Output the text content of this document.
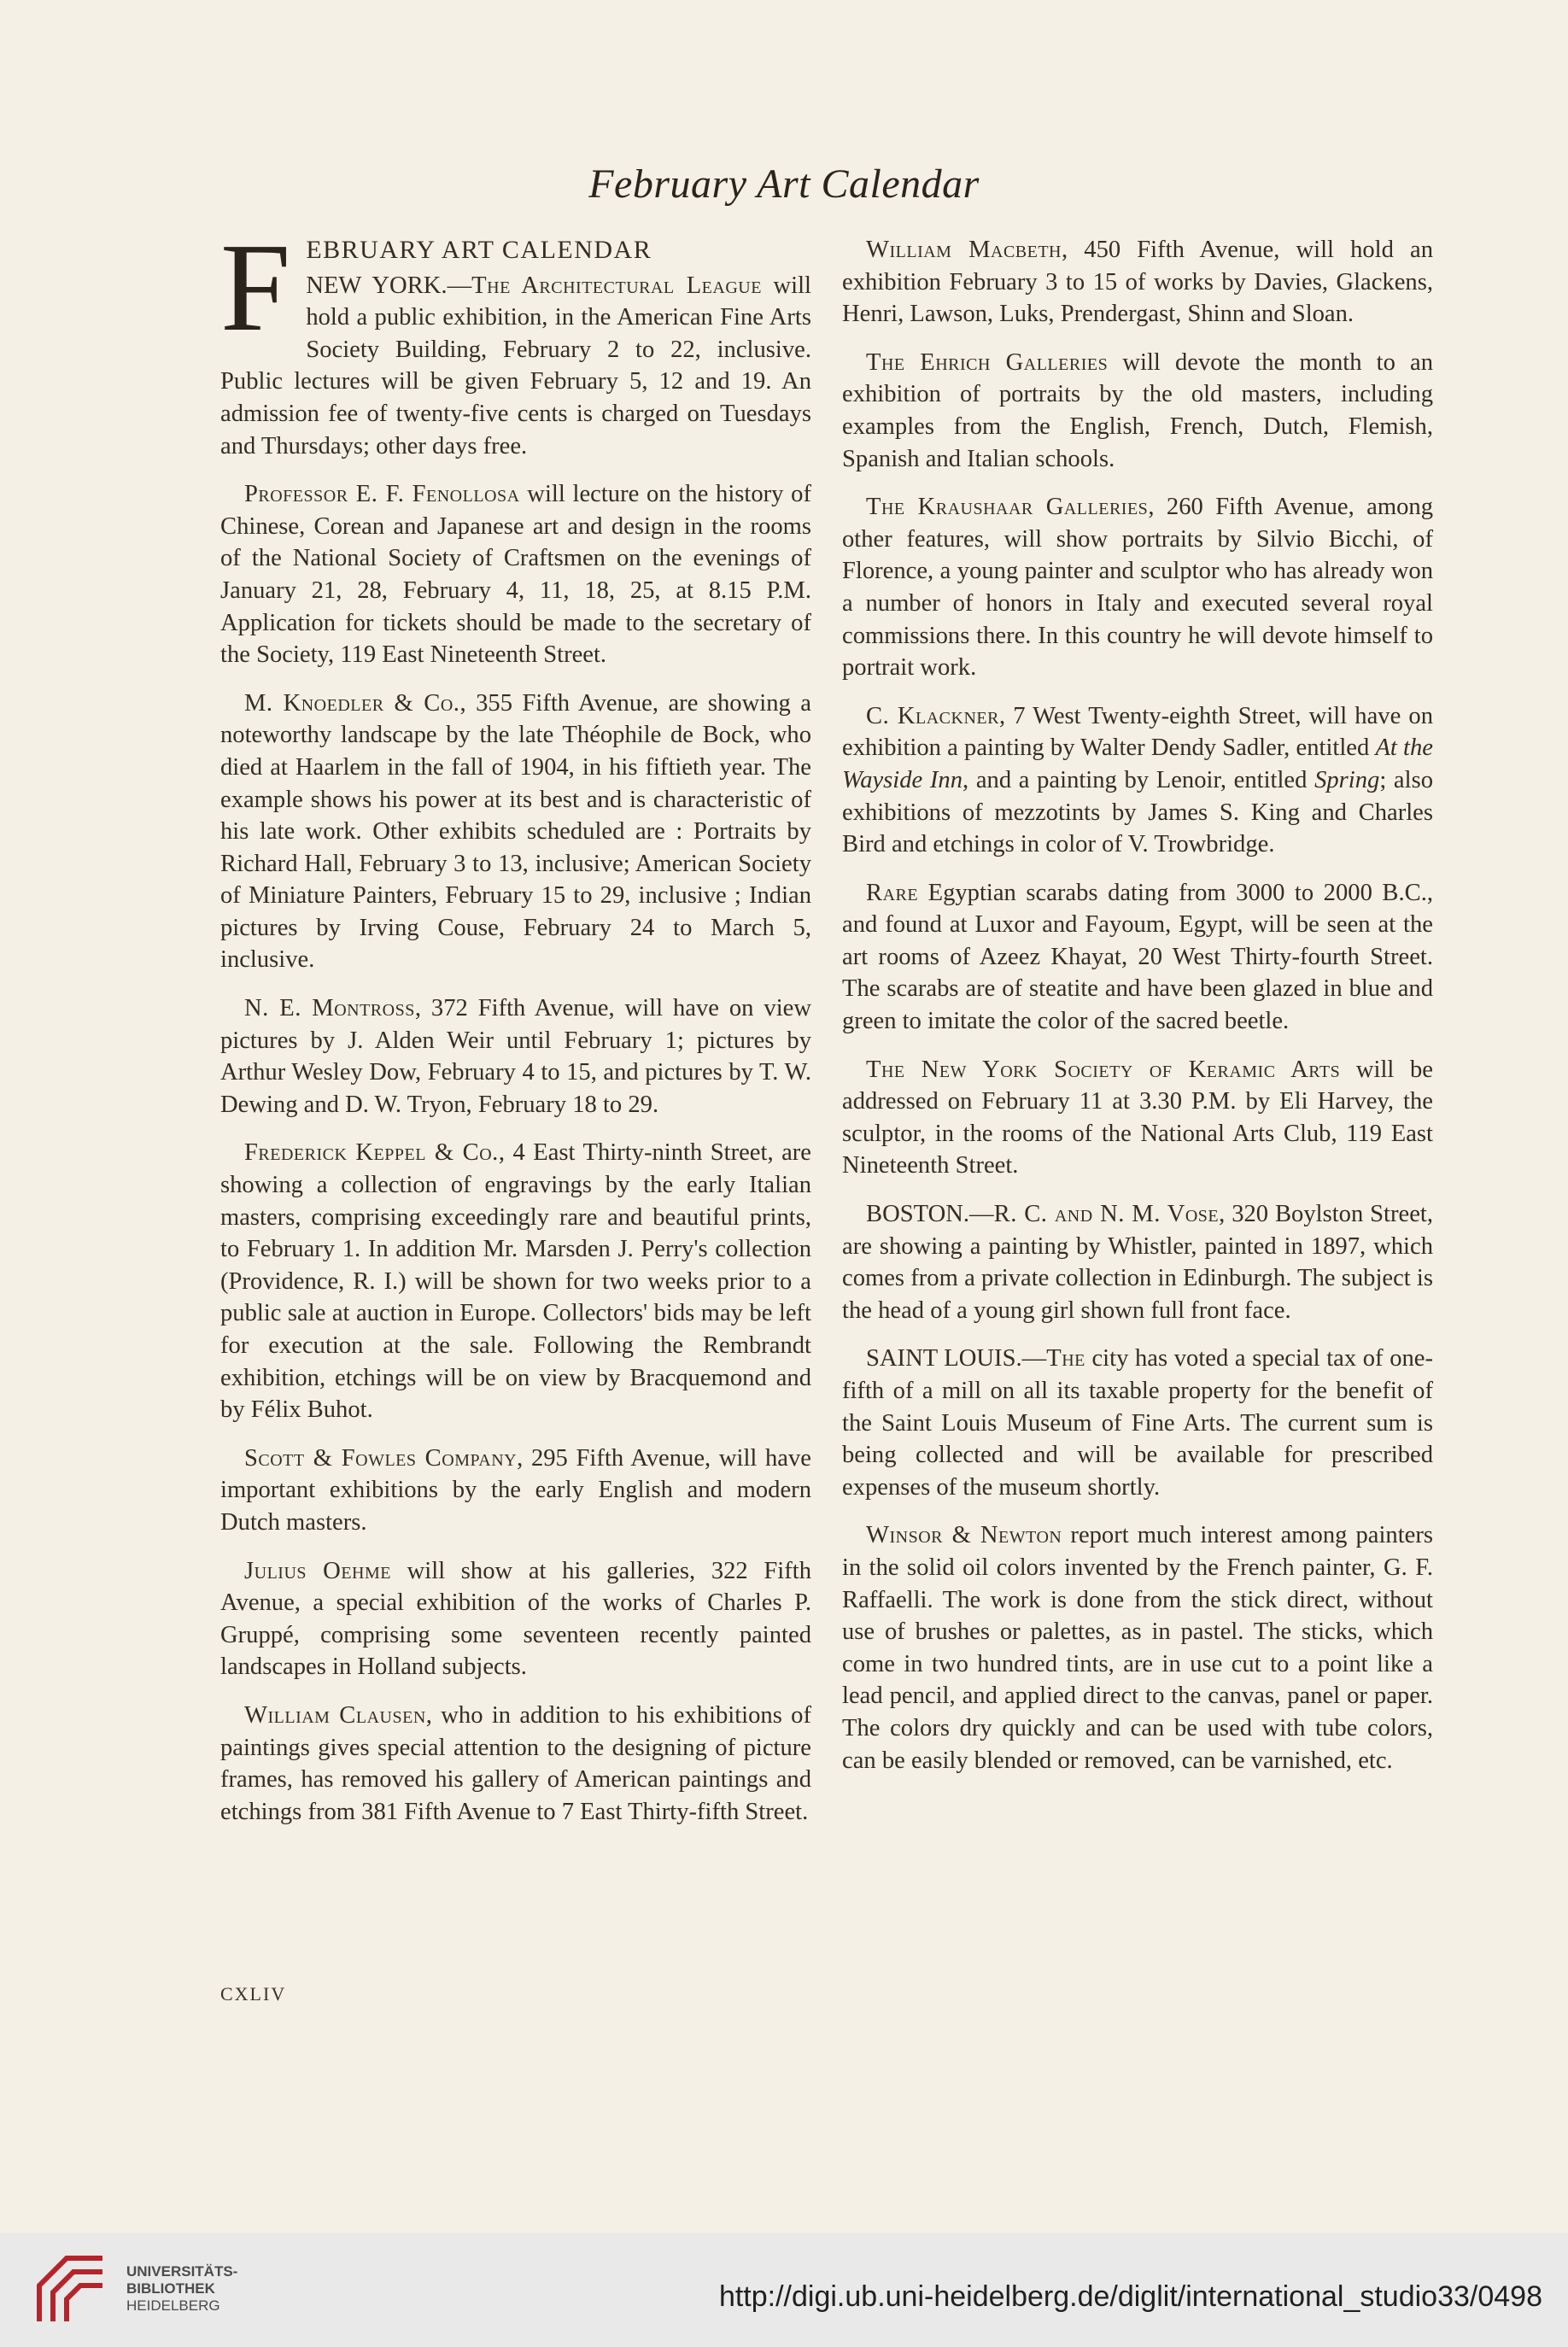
February Art Calendar
F EBRUARY ART CALENDAR

NEW YORK.—The Architectural League will hold a public exhibition, in the American Fine Arts Society Building, February 2 to 22, inclusive. Public lectures will be given February 5, 12 and 19. An admission fee of twenty-five cents is charged on Tuesdays and Thursdays; other days free.

Professor E. F. Fenollosa will lecture on the history of Chinese, Corean and Japanese art and design in the rooms of the National Society of Craftsmen on the evenings of January 21, 28, February 4, 11, 18, 25, at 8.15 P.M. Application for tickets should be made to the secretary of the Society, 119 East Nineteenth Street.

M. Knoedler & Co., 355 Fifth Avenue, are showing a noteworthy landscape by the late Théophile de Bock, who died at Haarlem in the fall of 1904, in his fiftieth year. The example shows his power at its best and is characteristic of his late work. Other exhibits scheduled are : Portraits by Richard Hall, February 3 to 13, inclusive; American Society of Miniature Painters, February 15 to 29, inclusive ; Indian pictures by Irving Couse, February 24 to March 5, inclusive.

N. E. Montross, 372 Fifth Avenue, will have on view pictures by J. Alden Weir until February 1; pictures by Arthur Wesley Dow, February 4 to 15, and pictures by T. W. Dewing and D. W. Tryon, February 18 to 29.

Frederick Keppel & Co., 4 East Thirty-ninth Street, are showing a collection of engravings by the early Italian masters, comprising exceedingly rare and beautiful prints, to February 1. In addition Mr. Marsden J. Perry's collection (Providence, R. I.) will be shown for two weeks prior to a public sale at auction in Europe. Collectors' bids may be left for execution at the sale. Following the Rembrandt exhibition, etchings will be on view by Bracquemond and by Félix Buhot.

Scott & Fowles Company, 295 Fifth Avenue, will have important exhibitions by the early English and modern Dutch masters.

Julius Oehme will show at his galleries, 322 Fifth Avenue, a special exhibition of the works of Charles P. Gruppé, comprising some seventeen recently painted landscapes in Holland subjects.

William Clausen, who in addition to his exhibitions of paintings gives special attention to the designing of picture frames, has removed his gallery of American paintings and etchings from 381 Fifth Avenue to 7 East Thirty-fifth Street.

William Macbeth, 450 Fifth Avenue, will hold an exhibition February 3 to 15 of works by Davies, Glackens, Henri, Lawson, Luks, Prendergast, Shinn and Sloan.

The Ehrich Galleries will devote the month to an exhibition of portraits by the old masters, including examples from the English, French, Dutch, Flemish, Spanish and Italian schools.

The Kraushaar Galleries, 260 Fifth Avenue, among other features, will show portraits by Silvio Bicchi, of Florence, a young painter and sculptor who has already won a number of honors in Italy and executed several royal commissions there. In this country he will devote himself to portrait work.

C. Klackner, 7 West Twenty-eighth Street, will have on exhibition a painting by Walter Dendy Sadler, entitled At the Wayside Inn, and a painting by Lenoir, entitled Spring; also exhibitions of mezzotints by James S. King and Charles Bird and etchings in color of V. Trowbridge.

Rare Egyptian scarabs dating from 3000 to 2000 B.C., and found at Luxor and Fayoum, Egypt, will be seen at the art rooms of Azeez Khayat, 20 West Thirty-fourth Street. The scarabs are of steatite and have been glazed in blue and green to imitate the color of the sacred beetle.

The New York Society of Keramic Arts will be addressed on February 11 at 3.30 P.M. by Eli Harvey, the sculptor, in the rooms of the National Arts Club, 119 East Nineteenth Street.

BOSTON.—R. C. and N. M. Vose, 320 Boylston Street, are showing a painting by Whistler, painted in 1897, which comes from a private collection in Edinburgh. The subject is the head of a young girl shown full front face.

SAINT LOUIS.—The city has voted a special tax of one-fifth of a mill on all its taxable property for the benefit of the Saint Louis Museum of Fine Arts. The current sum is being collected and will be available for prescribed expenses of the museum shortly.

Winsor & Newton report much interest among painters in the solid oil colors invented by the French painter, G. F. Raffaelli. The work is done from the stick direct, without use of brushes or palettes, as in pastel. The sticks, which come in two hundred tints, are in use cut to a point like a lead pencil, and applied direct to the canvas, panel or paper. The colors dry quickly and can be used with tube colors, can be easily blended or removed, can be varnished, etc.

CXLIV
UNIVERSITÄTS-
BIBLIOTHEK
HEIDELBERG	http://digi.ub.uni-heidelberg.de/diglit/international_studio33/0498
